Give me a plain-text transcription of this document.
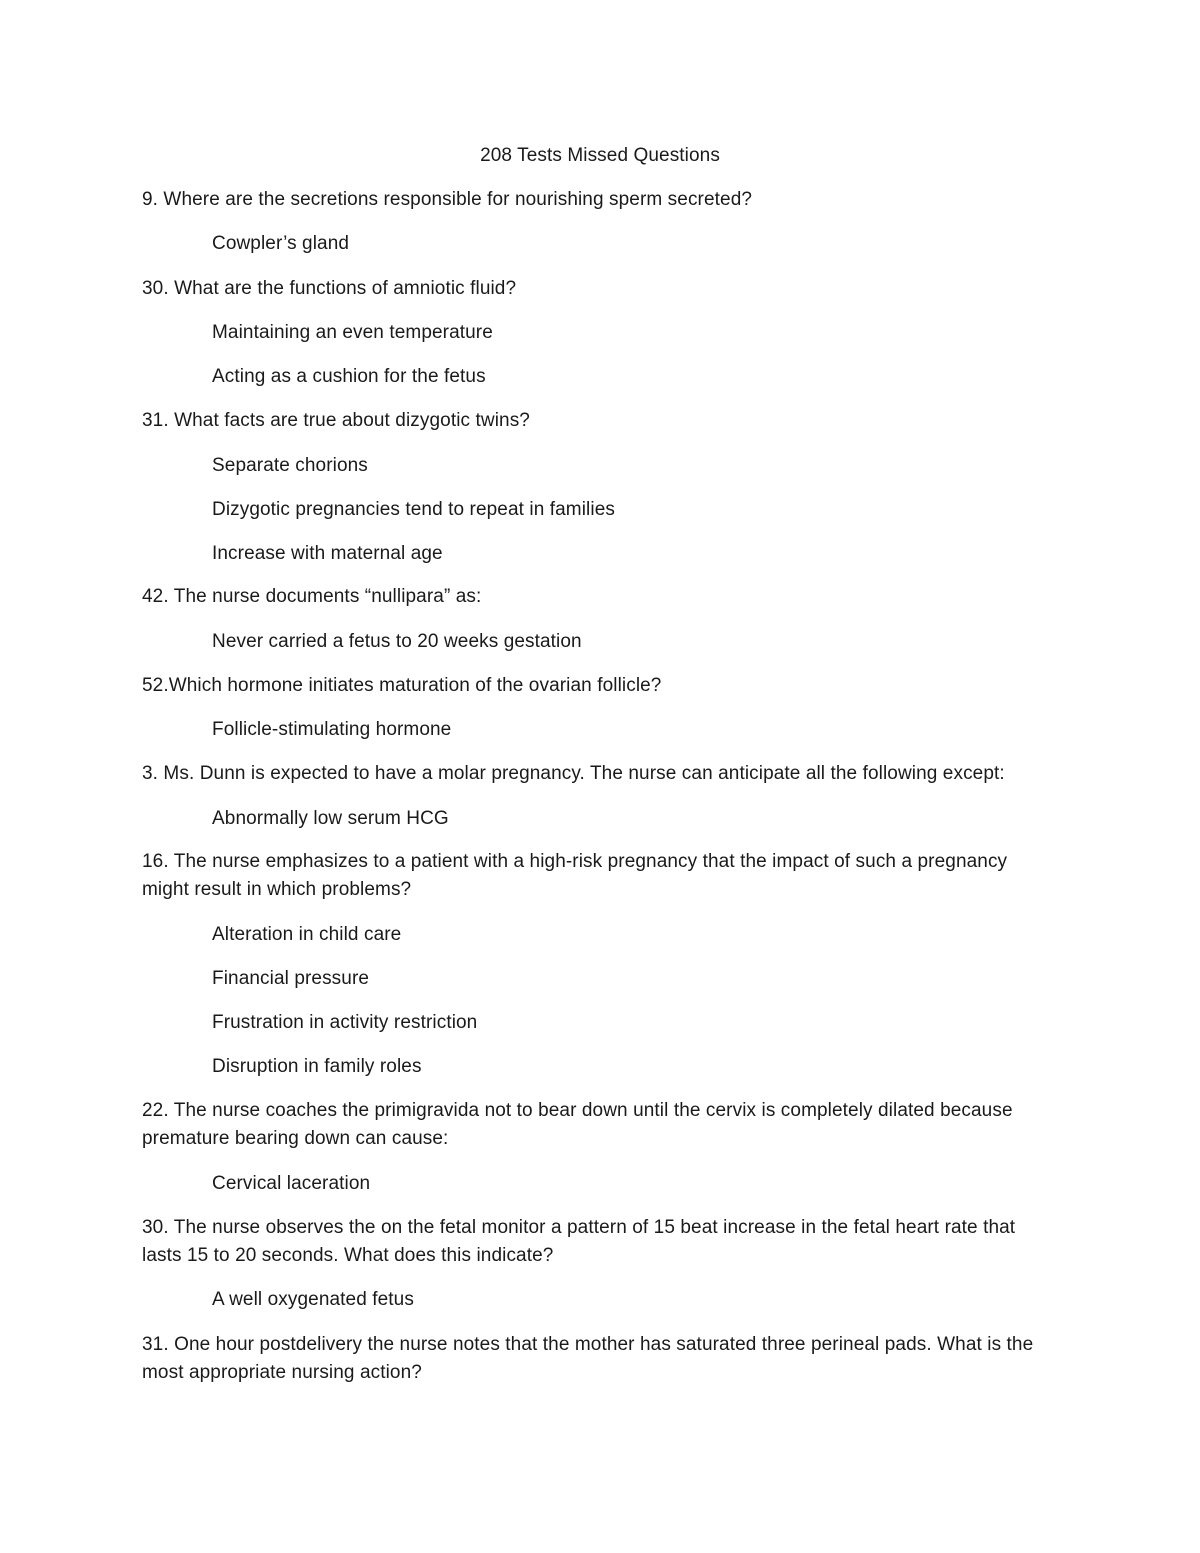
208 Tests Missed Questions
9. Where are the secretions responsible for nourishing sperm secreted?
Cowpler’s gland
30. What are the functions of amniotic fluid?
Maintaining an even temperature
Acting as a cushion for the fetus
31. What facts are true about dizygotic twins?
Separate chorions
Dizygotic pregnancies tend to repeat in families
Increase with maternal age
42. The nurse documents “nullipara” as:
Never carried a fetus to 20 weeks gestation
52.Which hormone initiates maturation of the ovarian follicle?
Follicle-stimulating hormone
3. Ms. Dunn is expected to have a molar pregnancy. The nurse can anticipate all the following except:
Abnormally low serum HCG
16. The nurse emphasizes to a patient with a high-risk pregnancy that the impact of such a pregnancy might result in which problems?
Alteration in child care
Financial pressure
Frustration in activity restriction
Disruption in family roles
22. The nurse coaches the primigravida not to bear down until the cervix is completely dilated because premature bearing down can cause:
Cervical laceration
30. The nurse observes the on the fetal monitor a pattern of 15 beat increase in the fetal heart rate that lasts 15 to 20 seconds. What does this indicate?
A well oxygenated fetus
31. One hour postdelivery the nurse notes that the mother has saturated three perineal pads. What is the most appropriate nursing action?
